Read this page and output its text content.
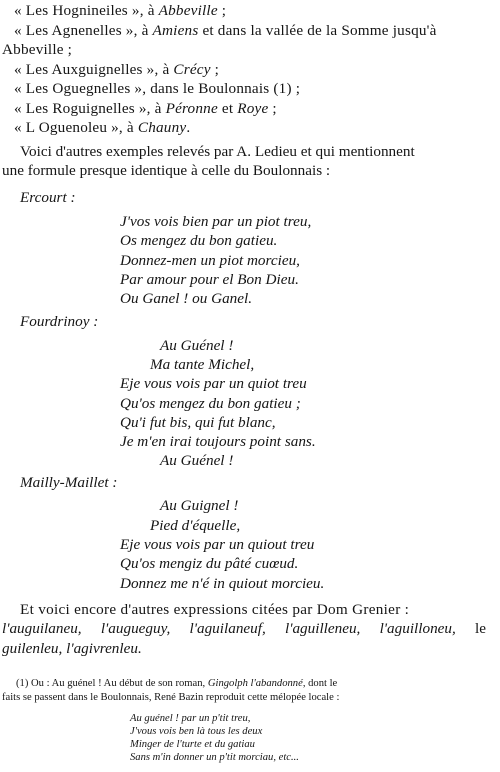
« Les Hognineiles », à Abbeville ;
« Les Agnenelles », à Amiens et dans la vallée de la Somme jusqu'à
Abbeville ;
« Les Auxguignelles », à Crécy ;
« Les Oguegnelles », dans le Boulonnais (1) ;
« Les Roguignelles », à Péronne et Roye ;
« L Oguenoleu », à Chauny.
Voici d'autres exemples relevés par A. Ledieu et qui mentionnent
une formule presque identique à celle du Boulonnais :
Ercourt :
J'vos vois bien par un piot treu,
Os mengez du bon gatieu.
Donnez-men un piot morcieu,
Par amour pour el Bon Dieu.
Ou Ganel ! ou Ganel.
Fourdrinoy :
Au Guénel !
Ma tante Michel,
Eje vous vois par un quiot treu
Qu'os mengez du bon gatieu ;
Qu'i fut bis, qui fut blanc,
Je m'en irai toujours point sans.
Au Guénel !
Mailly-Maillet :
Au Guignel !
Pied d'équelle,
Eje vous vois par un quiout treu
Qu'os mengiz du pâté cuœud.
Donnez me n'é in quiout morcieu.
Et voici encore d'autres expressions citées par Dom Grenier :
l'auguilaneu, l'augueguy, l'aguilaneuf, l'aguilleneu, l'aguilloneu, le
guilenleu, l'agivrenleu.
(1) Ou : Au guénel ! Au début de son roman, Gingolph l'abandonné, dont le
faits se passent dans le Boulonnais, René Bazin reproduit cette mélopée locale :
Au guénel ! par un p'tit treu,
J'vous vois ben là tous les deux
Minger de l'turte et du gatiau
Sans m'in donner un p'tit morciau, etc...
